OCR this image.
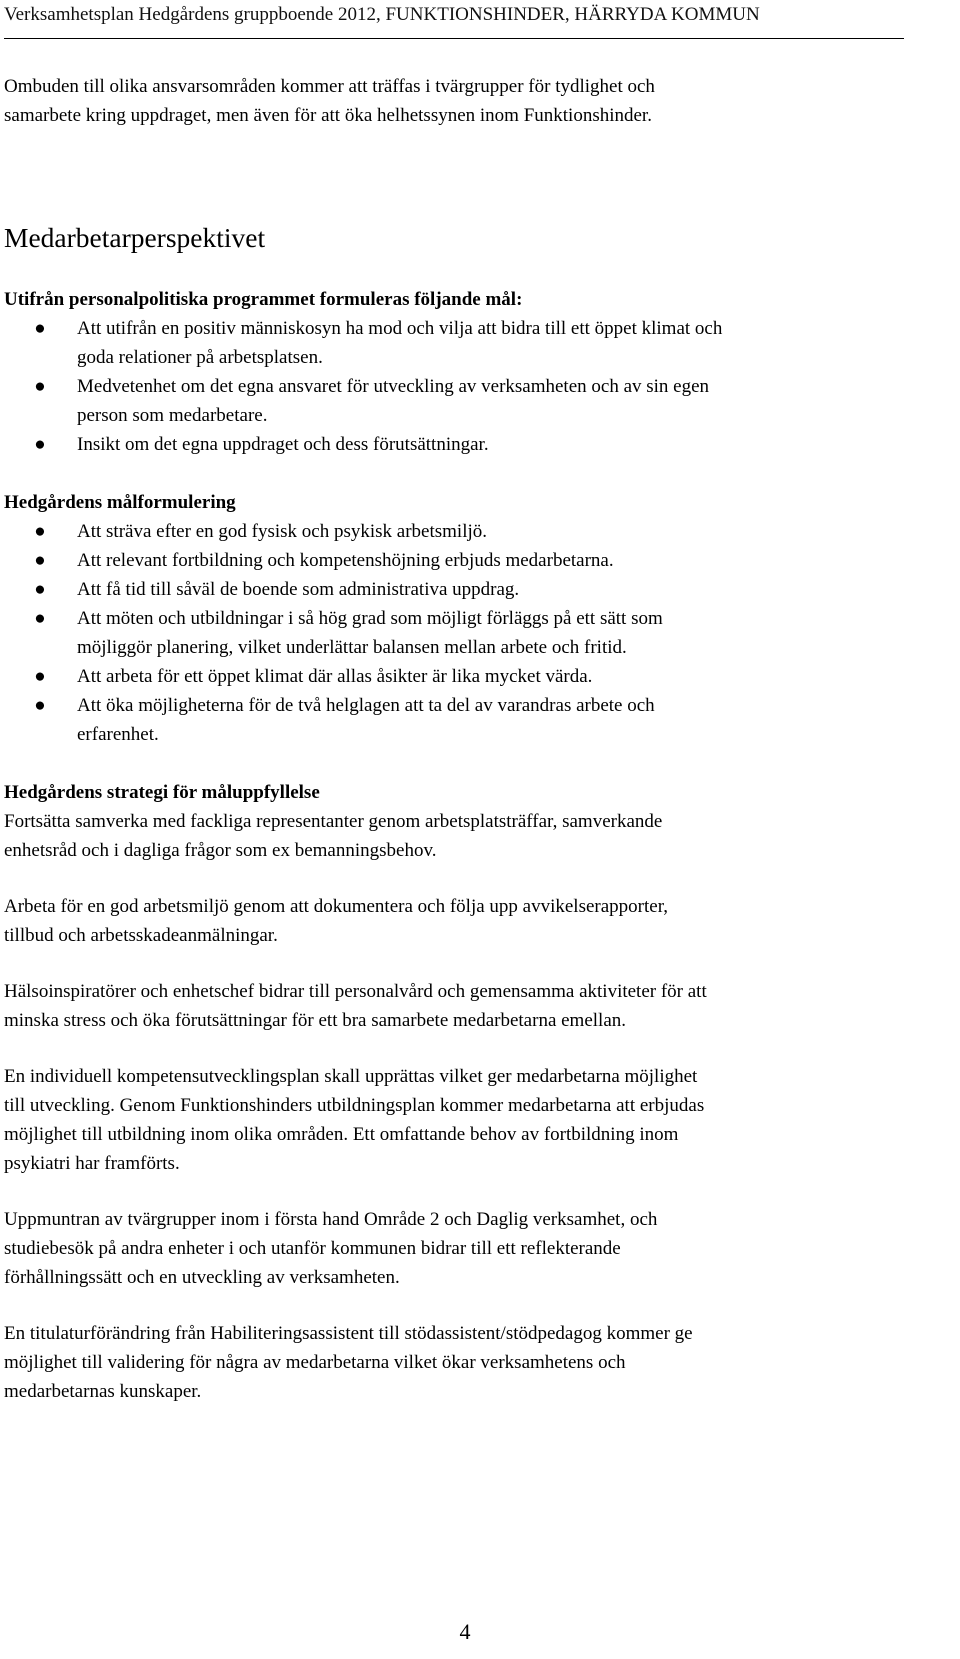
Verksamhetsplan Hedgårdens gruppboende 2012, FUNKTIONSHINDER, HÄRRYDA KOMMUN
Ombuden till olika ansvarsområden kommer att träffas i tvärgrupper för tydlighet och
samarbete kring uppdraget, men även för att öka helhetssynen inom Funktionshinder.
Medarbetarperspektivet
Utifrån personalpolitiska programmet formuleras följande mål:
● Att utifrån en positiv människosyn ha mod och vilja att bidra till ett öppet klimat och
goda relationer på arbetsplatsen.
● Medvetenhet om det egna ansvaret för utveckling av verksamheten och av sin egen
person som medarbetare.
● Insikt om det egna uppdraget och dess förutsättningar.
Hedgårdens målformulering
● Att sträva efter en god fysisk och psykisk arbetsmiljö.
● Att relevant fortbildning och kompetenshöjning erbjuds medarbetarna.
● Att få tid till såväl de boende som administrativa uppdrag.
● Att möten och utbildningar i så hög grad som möjligt förläggs på ett sätt som
möjliggör planering, vilket underlättar balansen mellan arbete och fritid.
● Att arbeta för ett öppet klimat där allas åsikter är lika mycket värda.
● Att öka möjligheterna för de två helglagen att ta del av varandras arbete och
erfarenhet.
Hedgårdens strategi för måluppfyllelse

Fortsätta samverka med fackliga representanter genom arbetsplatsträffar, samverkande
enhetsråd och i dagliga frågor som ex bemanningsbehov.

Arbeta för en god arbetsmiljö genom att dokumentera och följa upp avvikelserapporter,
tillbud och arbetsskadeanmälningar.

Hälsoinspiratörer och enhetschef bidrar till personalvård och gemensamma aktiviteter för att
minska stress och öka förutsättningar för ett bra samarbete medarbetarna emellan.

En individuell kompetensutvecklingsplan skall upprättas vilket ger medarbetarna möjlighet
till utveckling. Genom Funktionshinders utbildningsplan kommer medarbetarna att erbjudas
möjlighet till utbildning inom olika områden. Ett omfattande behov av fortbildning inom
psykiatri har framförts.

Uppmuntran av tvärgrupper inom i första hand Område 2 och Daglig verksamhet, och
studiebesök på andra enheter i och utanför kommunen bidrar till ett reflekterande
förhållningssätt och en utveckling av verksamheten.

En titulaturförändring från Habiliteringsassistent till stödassistent/stödpedagog kommer ge
möjlighet till validering för några av medarbetarna vilket ökar verksamhetens och
medarbetarnas kunskaper.

4
